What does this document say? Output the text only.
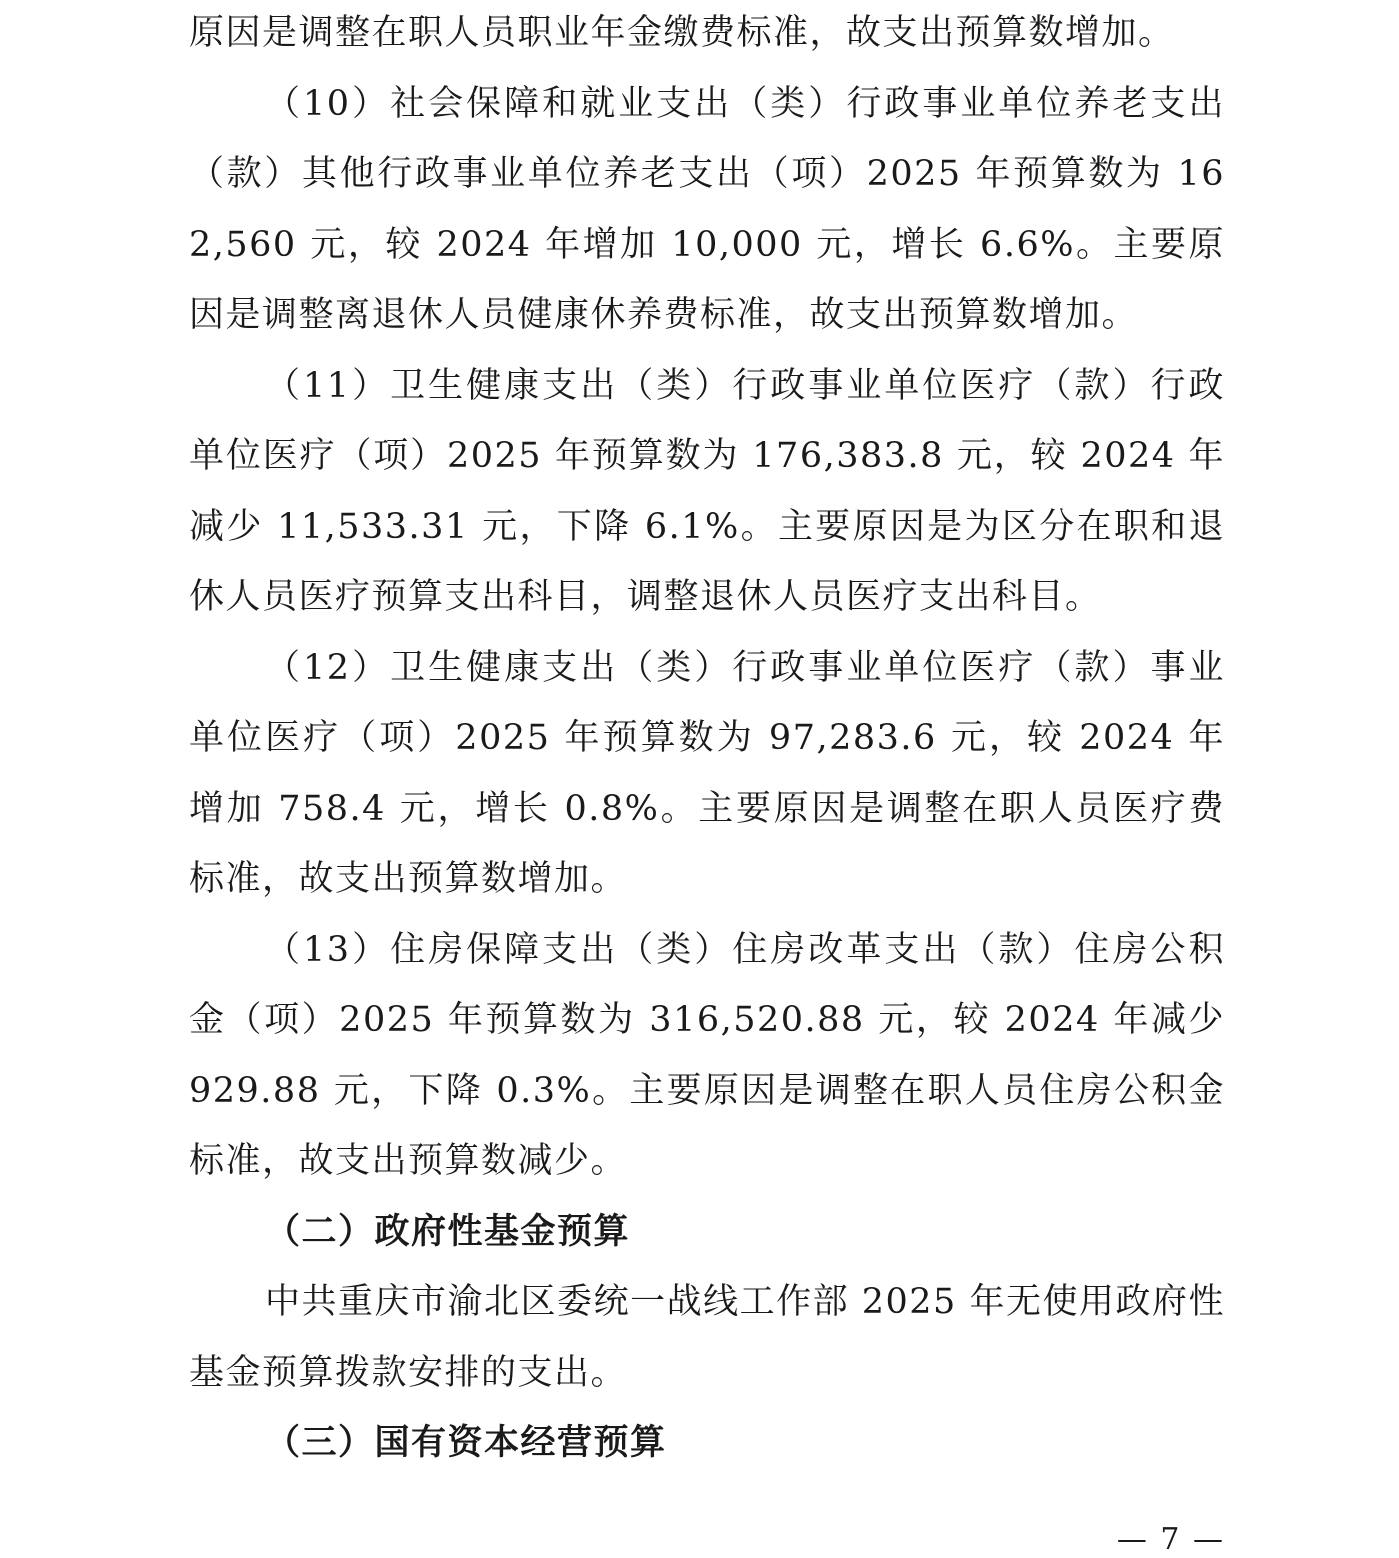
原因是调整在职人员职业年金缴费标准，故支出预算数增加。

（10）社会保障和就业支出（类）行政事业单位养老支出（款）其他行政事业单位养老支出（项）2025 年预算数为 162,560 元，较 2024 年增加 10,000 元，增长 6.6%。主要原因是调整离退休人员健康休养费标准，故支出预算数增加。

（11）卫生健康支出（类）行政事业单位医疗（款）行政单位医疗（项）2025 年预算数为 176,383.8 元，较 2024 年减少 11,533.31 元，下降 6.1%。主要原因是为区分在职和退休人员医疗预算支出科目，调整退休人员医疗支出科目。

（12）卫生健康支出（类）行政事业单位医疗（款）事业单位医疗（项）2025 年预算数为 97,283.6 元，较 2024 年增加 758.4 元，增长 0.8%。主要原因是调整在职人员医疗费标准，故支出预算数增加。

（13）住房保障支出（类）住房改革支出（款）住房公积金（项）2025 年预算数为 316,520.88 元，较 2024 年减少 929.88 元，下降 0.3%。主要原因是调整在职人员住房公积金标准，故支出预算数减少。

（二）政府性基金预算

中共重庆市渝北区委统一战线工作部 2025 年无使用政府性基金预算拨款安排的支出。

（三）国有资本经营预算

— 7 —
